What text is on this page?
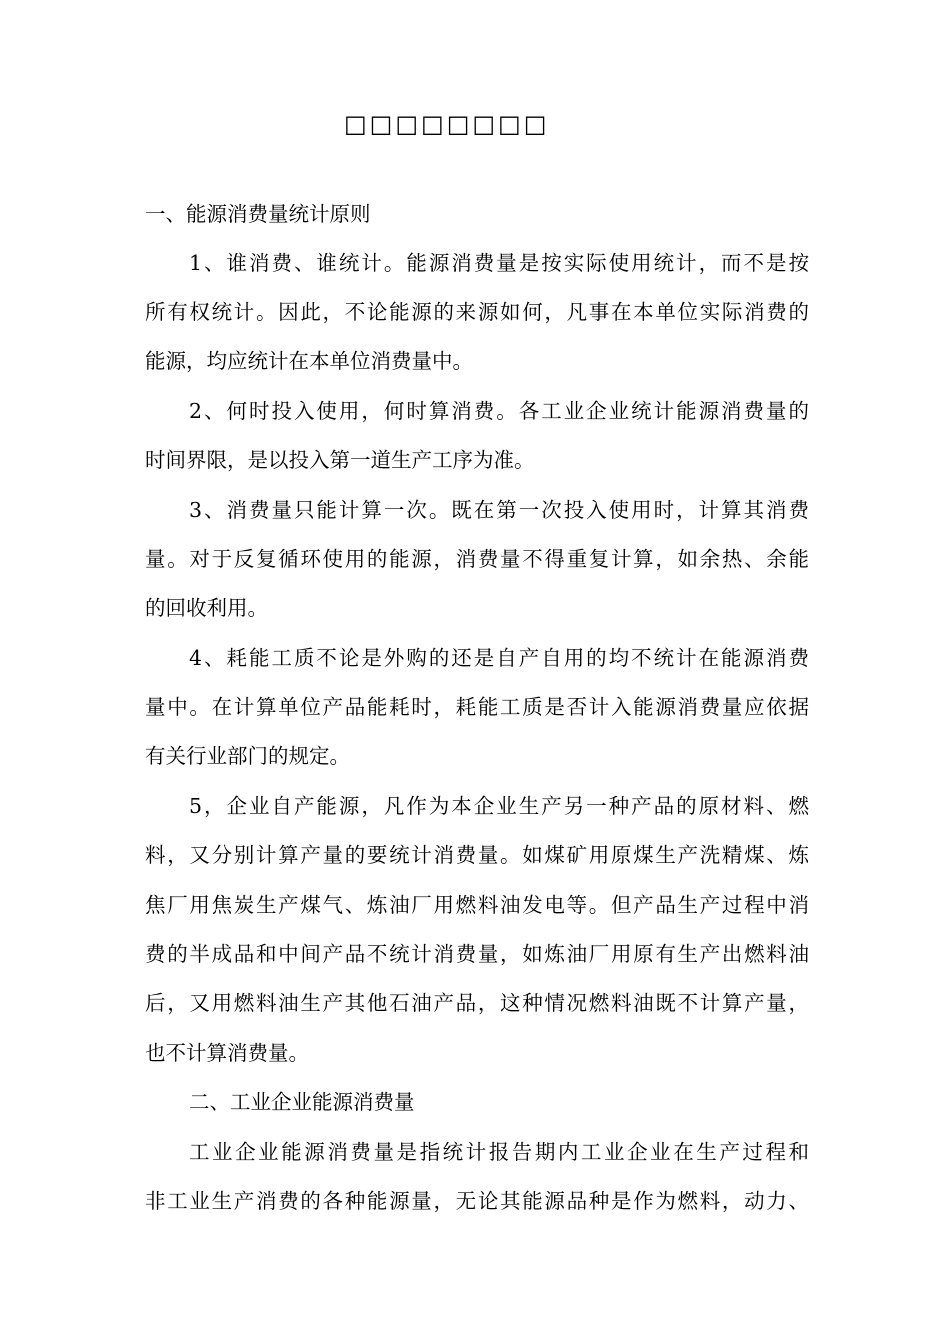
□□□□□□□□
一、能源消费量统计原则
1、谁消费、谁统计。能源消费量是按实际使用统计，而不是按
所有权统计。因此，不论能源的来源如何，凡事在本单位实际消费的
能源，均应统计在本单位消费量中。
2、何时投入使用，何时算消费。各工业企业统计能源消费量的
时间界限，是以投入第一道生产工序为准。
3、消费量只能计算一次。既在第一次投入使用时，计算其消费
量。对于反复循环使用的能源，消费量不得重复计算，如余热、余能
的回收利用。
4、耗能工质不论是外购的还是自产自用的均不统计在能源消费
量中。在计算单位产品能耗时，耗能工质是否计入能源消费量应依据
有关行业部门的规定。
5，企业自产能源，凡作为本企业生产另一种产品的原材料、燃
料，又分别计算产量的要统计消费量。如煤矿用原煤生产洗精煤、炼
焦厂用焦炭生产煤气、炼油厂用燃料油发电等。但产品生产过程中消
费的半成品和中间产品不统计消费量，如炼油厂用原有生产出燃料油
后，又用燃料油生产其他石油产品，这种情况燃料油既不计算产量，
也不计算消费量。
二、工业企业能源消费量
工业企业能源消费量是指统计报告期内工业企业在生产过程和
非工业生产消费的各种能源量，无论其能源品种是作为燃料，动力、
